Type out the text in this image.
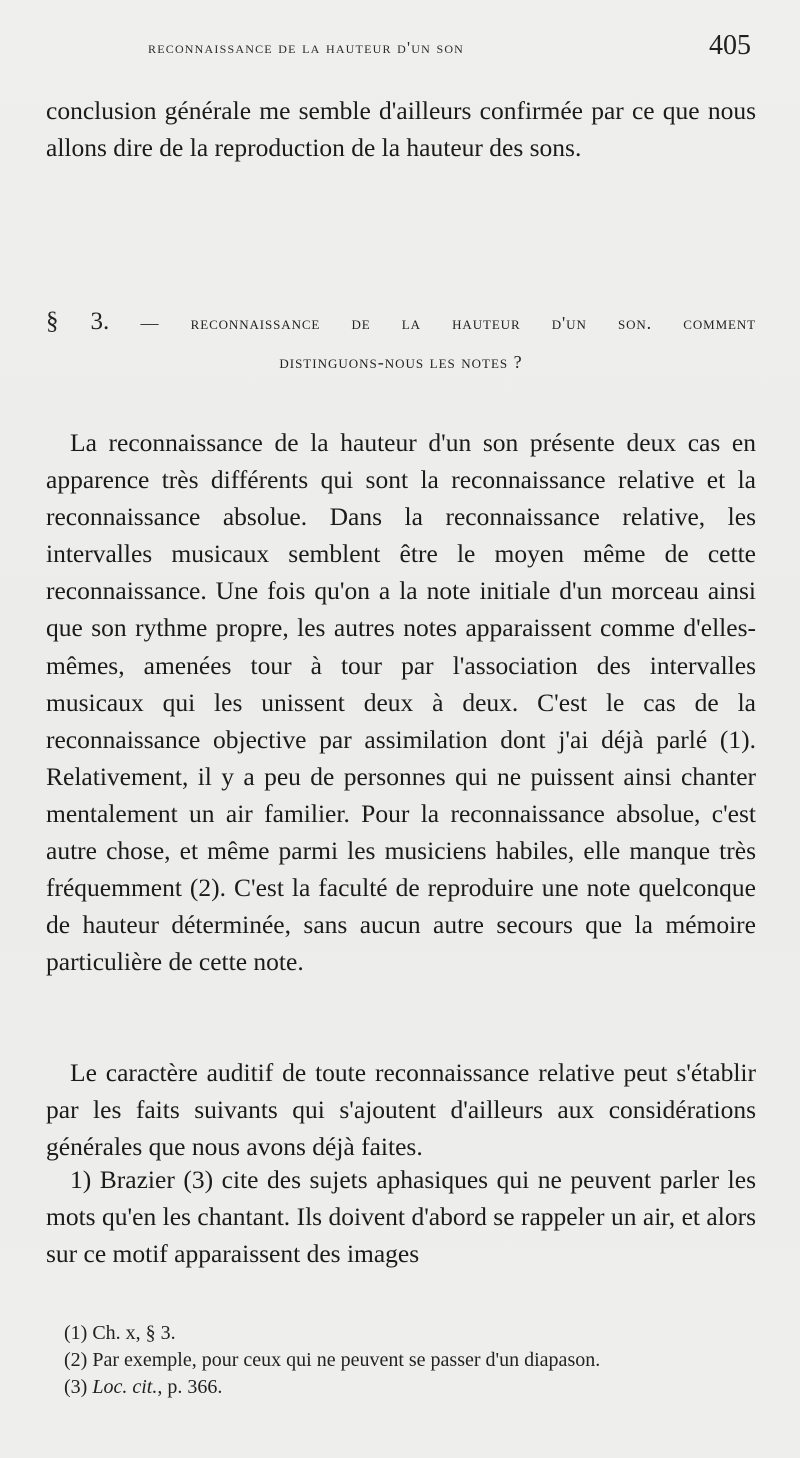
reconnaissance de la hauteur d'un son	405

conclusion générale me semble d'ailleurs confirmée par ce que nous allons dire de la reproduction de la hauteur des sons.

§ 3. — reconnaissance de la hauteur d'un son. comment
distinguons-nous les notes ?

La reconnaissance de la hauteur d'un son présente deux cas en apparence très différents qui sont la reconnaissance relative et la reconnaissance absolue. Dans la reconnaissance relative, les intervalles musicaux semblent être le moyen même de cette reconnaissance. Une fois qu'on a la note initiale d'un morceau ainsi que son rythme propre, les autres notes apparaissent comme d'elles-mêmes, amenées tour à tour par l'association des intervalles musicaux qui les unissent deux à deux. C'est le cas de la reconnaissance objective par assimilation dont j'ai déjà parlé (1). Relativement, il y a peu de personnes qui ne puissent ainsi chanter mentalement un air familier. Pour la reconnaissance absolue, c'est autre chose, et même parmi les musiciens habiles, elle manque très fréquemment (2). C'est la faculté de reproduire une note quelconque de hauteur déterminée, sans aucun autre secours que la mémoire particulière de cette note.

Le caractère auditif de toute reconnaissance relative peut s'établir par les faits suivants qui s'ajoutent d'ailleurs aux considérations générales que nous avons déjà faites.

1) Brazier (3) cite des sujets aphasiques qui ne peuvent parler les mots qu'en les chantant. Ils doivent d'abord se rappeler un air, et alors sur ce motif apparaissent des images

(1) Ch. x, § 3.

(2) Par exemple, pour ceux qui ne peuvent se passer d'un diapason.

(3) Loc. cit., p. 366.
